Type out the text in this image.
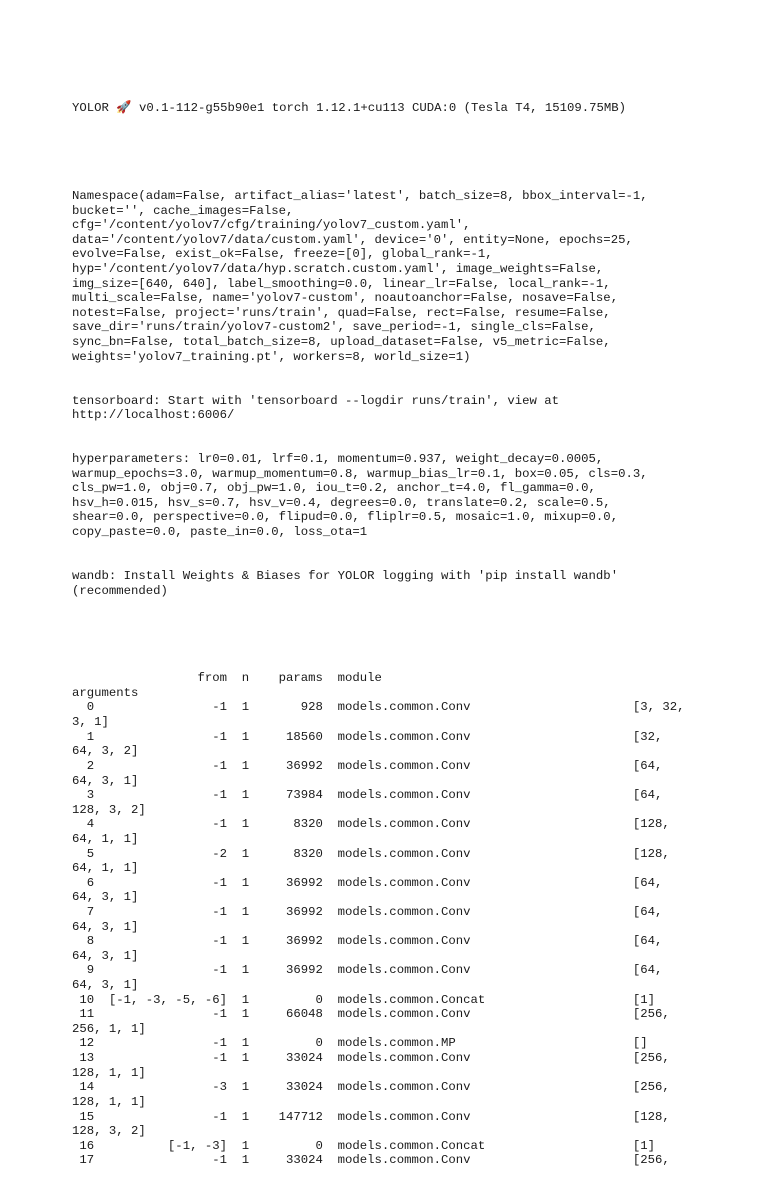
YOLOR 🚀 v0.1-112-g55b90e1 torch 1.12.1+cu113 CUDA:0 (Tesla T4, 15109.75MB)

Namespace(adam=False, artifact_alias='latest', batch_size=8, bbox_interval=-1,
bucket='', cache_images=False,
cfg='/content/yolov7/cfg/training/yolov7_custom.yaml',
data='/content/yolov7/data/custom.yaml', device='0', entity=None, epochs=25,
evolve=False, exist_ok=False, freeze=[0], global_rank=-1,
hyp='/content/yolov7/data/hyp.scratch.custom.yaml', image_weights=False,
img_size=[640, 640], label_smoothing=0.0, linear_lr=False, local_rank=-1,
multi_scale=False, name='yolov7-custom', noautoanchor=False, nosave=False,
notest=False, project='runs/train', quad=False, rect=False, resume=False,
save_dir='runs/train/yolov7-custom2', save_period=-1, single_cls=False,
sync_bn=False, total_batch_size=8, upload_dataset=False, v5_metric=False,
weights='yolov7_training.pt', workers=8, world_size=1)

tensorboard: Start with 'tensorboard --logdir runs/train', view at
http://localhost:6006/

hyperparameters: lr0=0.01, lrf=0.1, momentum=0.937, weight_decay=0.0005,
warmup_epochs=3.0, warmup_momentum=0.8, warmup_bias_lr=0.1, box=0.05, cls=0.3,
cls_pw=1.0, obj=0.7, obj_pw=1.0, iou_t=0.2, anchor_t=4.0, fl_gamma=0.0,
hsv_h=0.015, hsv_s=0.7, hsv_v=0.4, degrees=0.0, translate=0.2, scale=0.5,
shear=0.0, perspective=0.0, flipud=0.0, fliplr=0.5, mosaic=1.0, mixup=0.0,
copy_paste=0.0, paste_in=0.0, loss_ota=1

wandb: Install Weights & Biases for YOLOR logging with 'pip install wandb'
(recommended)

from  n    params  module
arguments
0                -1  1       928  models.common.Conv                      [3, 32,
3, 1]
1                -1  1     18560  models.common.Conv                      [32,
64, 3, 2]
2                -1  1     36992  models.common.Conv                      [64,
64, 3, 1]
3                -1  1     73984  models.common.Conv                      [64,
128, 3, 2]
4                -1  1      8320  models.common.Conv                      [128,
64, 1, 1]
5                -2  1      8320  models.common.Conv                      [128,
64, 1, 1]
6                -1  1     36992  models.common.Conv                      [64,
64, 3, 1]
7                -1  1     36992  models.common.Conv                      [64,
64, 3, 1]
8                -1  1     36992  models.common.Conv                      [64,
64, 3, 1]
9                -1  1     36992  models.common.Conv                      [64,
64, 3, 1]
10  [-1, -3, -5, -6]  1         0  models.common.Concat                    [1]
11                -1  1     66048  models.common.Conv                      [256,
256, 1, 1]
12                -1  1         0  models.common.MP                        []
13                -1  1     33024  models.common.Conv                      [256,
128, 1, 1]
14                -3  1     33024  models.common.Conv                      [256,
128, 1, 1]
15                -1  1    147712  models.common.Conv                      [128,
128, 3, 2]
16          [-1, -3]  1         0  models.common.Concat                    [1]
17                -1  1     33024  models.common.Conv                      [256,
